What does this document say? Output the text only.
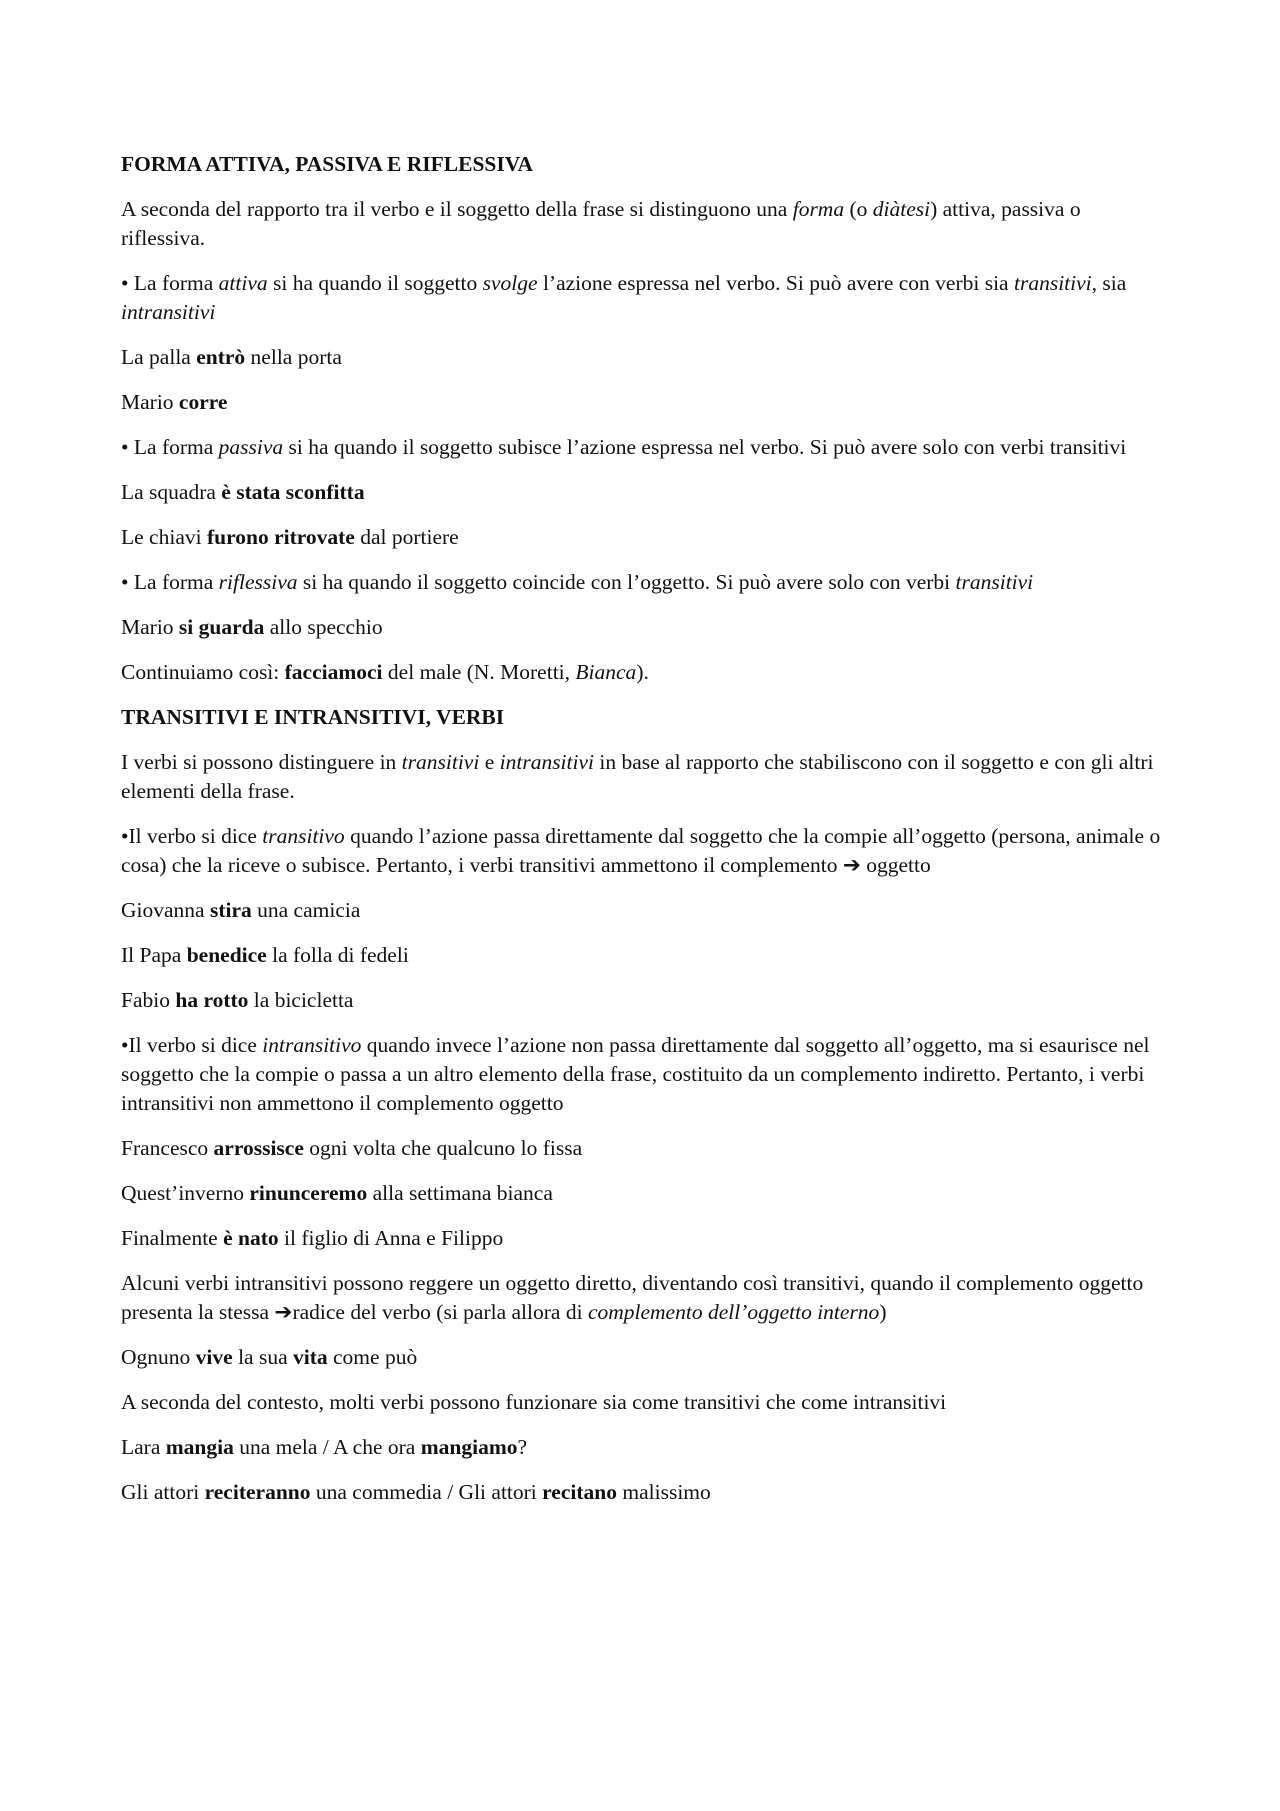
FORMA ATTIVA, PASSIVA E RIFLESSIVA

A seconda del rapporto tra il verbo e il soggetto della frase si distinguono una forma (o diàtesi) attiva, passiva o riflessiva.

• La forma attiva si ha quando il soggetto svolge l’azione espressa nel verbo. Si può avere con verbi sia transitivi, sia intransitivi

La palla entrò nella porta

Mario corre

• La forma passiva si ha quando il soggetto subisce l’azione espressa nel verbo. Si può avere solo con verbi transitivi

La squadra è stata sconfitta

Le chiavi furono ritrovate dal portiere

• La forma riflessiva si ha quando il soggetto coincide con l’oggetto. Si può avere solo con verbi transitivi

Mario si guarda allo specchio

Continuiamo così: facciamoci del male (N. Moretti, Bianca).

TRANSITIVI E INTRANSITIVI, VERBI

I verbi si possono distinguere in transitivi e intransitivi in base al rapporto che stabiliscono con il soggetto e con gli altri elementi della frase.

•Il verbo si dice transitivo quando l’azione passa direttamente dal soggetto che la compie all’oggetto (persona, animale o cosa) che la riceve o subisce. Pertanto, i verbi transitivi ammettono il complemento ➔ oggetto

Giovanna stira una camicia

Il Papa benedice la folla di fedeli

Fabio ha rotto la bicicletta

•Il verbo si dice intransitivo quando invece l’azione non passa direttamente dal soggetto all’oggetto, ma si esaurisce nel soggetto che la compie o passa a un altro elemento della frase, costituito da un complemento indiretto. Pertanto, i verbi intransitivi non ammettono il complemento oggetto

Francesco arrossisce ogni volta che qualcuno lo fissa

Quest’inverno rinunceremo alla settimana bianca

Finalmente è nato il figlio di Anna e Filippo

Alcuni verbi intransitivi possono reggere un oggetto diretto, diventando così transitivi, quando il complemento oggetto presenta la stessa ➔radice del verbo (si parla allora di complemento dell’oggetto interno)

Ognuno vive la sua vita come può

A seconda del contesto, molti verbi possono funzionare sia come transitivi che come intransitivi

Lara mangia una mela / A che ora mangiamo?

Gli attori reciteranno una commedia / Gli attori recitano malissimo
